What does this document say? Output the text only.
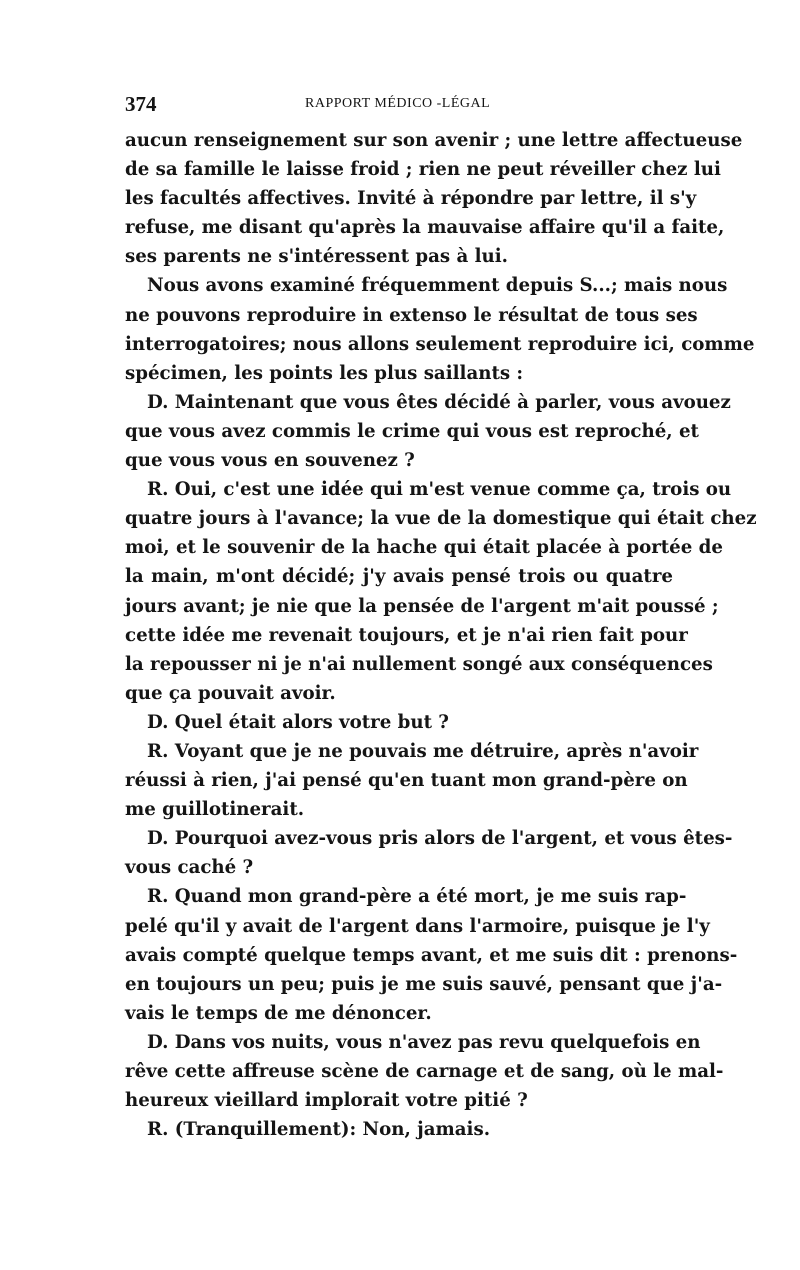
374	RAPPORT MÉDICO -LÉGAL

aucun renseignement sur son avenir ; une lettre affectueuse
de sa famille le laisse froid ; rien ne peut réveiller chez lui
les facultés affectives. Invité à répondre par lettre, il s'y
refuse, me disant qu'après la mauvaise affaire qu'il a faite,
ses parents ne s'intéressent pas à lui.

Nous avons examiné fréquemment depuis S...; mais nous
ne pouvons reproduire in extenso le résultat de tous ses
interrogatoires; nous allons seulement reproduire ici, comme
spécimen, les points les plus saillants :

D. Maintenant que vous êtes décidé à parler, vous avouez
que vous avez commis le crime qui vous est reproché, et
que vous vous en souvenez ?

R. Oui, c'est une idée qui m'est venue comme ça, trois ou
quatre jours à l'avance; la vue de la domestique qui était chez
moi, et le souvenir de la hache qui était placée à portée de
la main, m'ont décidé; j'y avais pensé trois ou quatre
jours avant; je nie que la pensée de l'argent m'ait poussé ;
cette idée me revenait toujours, et je n'ai rien fait pour
la repousser ni je n'ai nullement songé aux conséquences
que ça pouvait avoir.

D. Quel était alors votre but ?

R. Voyant que je ne pouvais me détruire, après n'avoir
réussi à rien, j'ai pensé qu'en tuant mon grand-père on
me guillotinerait.

D. Pourquoi avez-vous pris alors de l'argent, et vous êtes-
vous caché ?

R. Quand mon grand-père a été mort, je me suis rap-
pelé qu'il y avait de l'argent dans l'armoire, puisque je l'y
avais compté quelque temps avant, et me suis dit : prenons-
en toujours un peu; puis je me suis sauvé, pensant que j'a-
vais le temps de me dénoncer.

D. Dans vos nuits, vous n'avez pas revu quelquefois en
rêve cette affreuse scène de carnage et de sang, où le mal-
heureux vieillard implorait votre pitié ?

R. (Tranquillement): Non, jamais.
